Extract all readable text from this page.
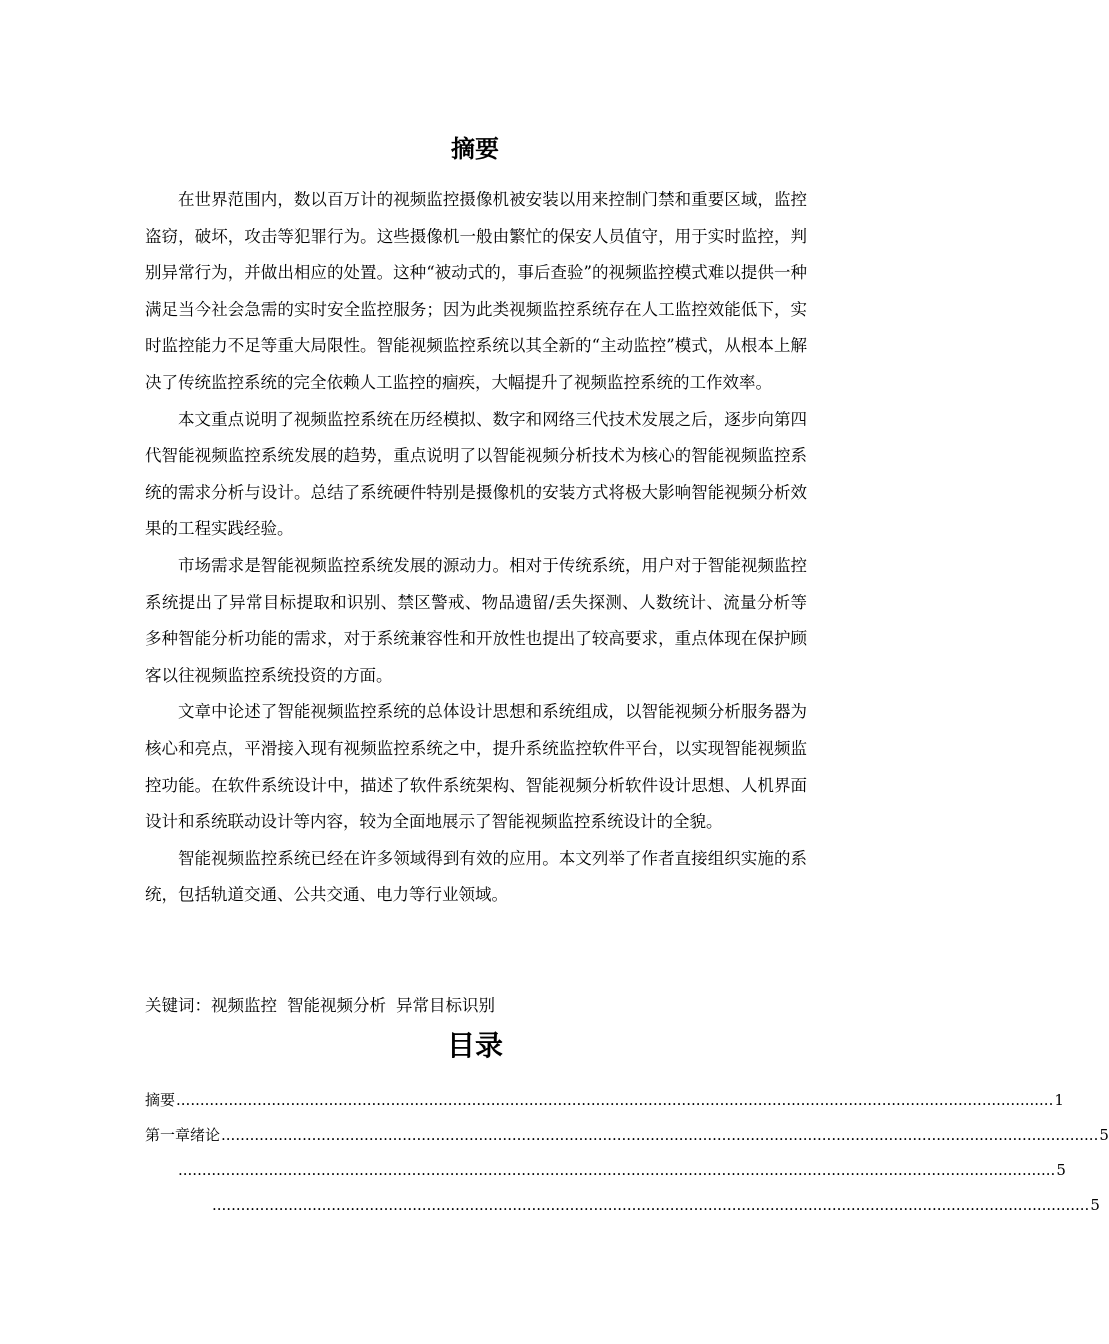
摘要

在世界范围内，数以百万计的视频监控摄像机被安装以用来控制门禁和重要区域，监控盗窃，破坏，攻击等犯罪行为。这些摄像机一般由繁忙的保安人员值守，用于实时监控，判别异常行为，并做出相应的处置。这种“被动式的，事后查验”的视频监控模式难以提供一种满足当今社会急需的实时安全监控服务；因为此类视频监控系统存在人工监控效能低下，实时监控能力不足等重大局限性。智能视频监控系统以其全新的“主动监控”模式，从根本上解决了传统监控系统的完全依赖人工监控的痼疾，大幅提升了视频监控系统的工作效率。

本文重点说明了视频监控系统在历经模拟、数字和网络三代技术发展之后，逐步向第四代智能视频监控系统发展的趋势，重点说明了以智能视频分析技术为核心的智能视频监控系统的需求分析与设计。总结了系统硬件特别是摄像机的安装方式将极大影响智能视频分析效果的工程实践经验。

市场需求是智能视频监控系统发展的源动力。相对于传统系统，用户对于智能视频监控系统提出了异常目标提取和识别、禁区警戒、物品遗留/丢失探测、人数统计、流量分析等多种智能分析功能的需求，对于系统兼容性和开放性也提出了较高要求，重点体现在保护顾客以往视频监控系统投资的方面。

文章中论述了智能视频监控系统的总体设计思想和系统组成，以智能视频分析服务器为核心和亮点，平滑接入现有视频监控系统之中，提升系统监控软件平台，以实现智能视频监控功能。在软件系统设计中，描述了软件系统架构、智能视频分析软件设计思想、人机界面设计和系统联动设计等内容，较为全面地展示了智能视频监控系统设计的全貌。

智能视频监控系统已经在许多领域得到有效的应用。本文列举了作者直接组织实施的系统，包括轨道交通、公共交通、电力等行业领域。

关键词：视频监控 智能视频分析 异常目标识别
目录
摘要 ........................................................................................................................................................................................ 1
第一章绪论 ........................................................................................................................................................................................ 5
........................................................................................................................................................................................ 5
........................................................................................................................................................................................ 5
